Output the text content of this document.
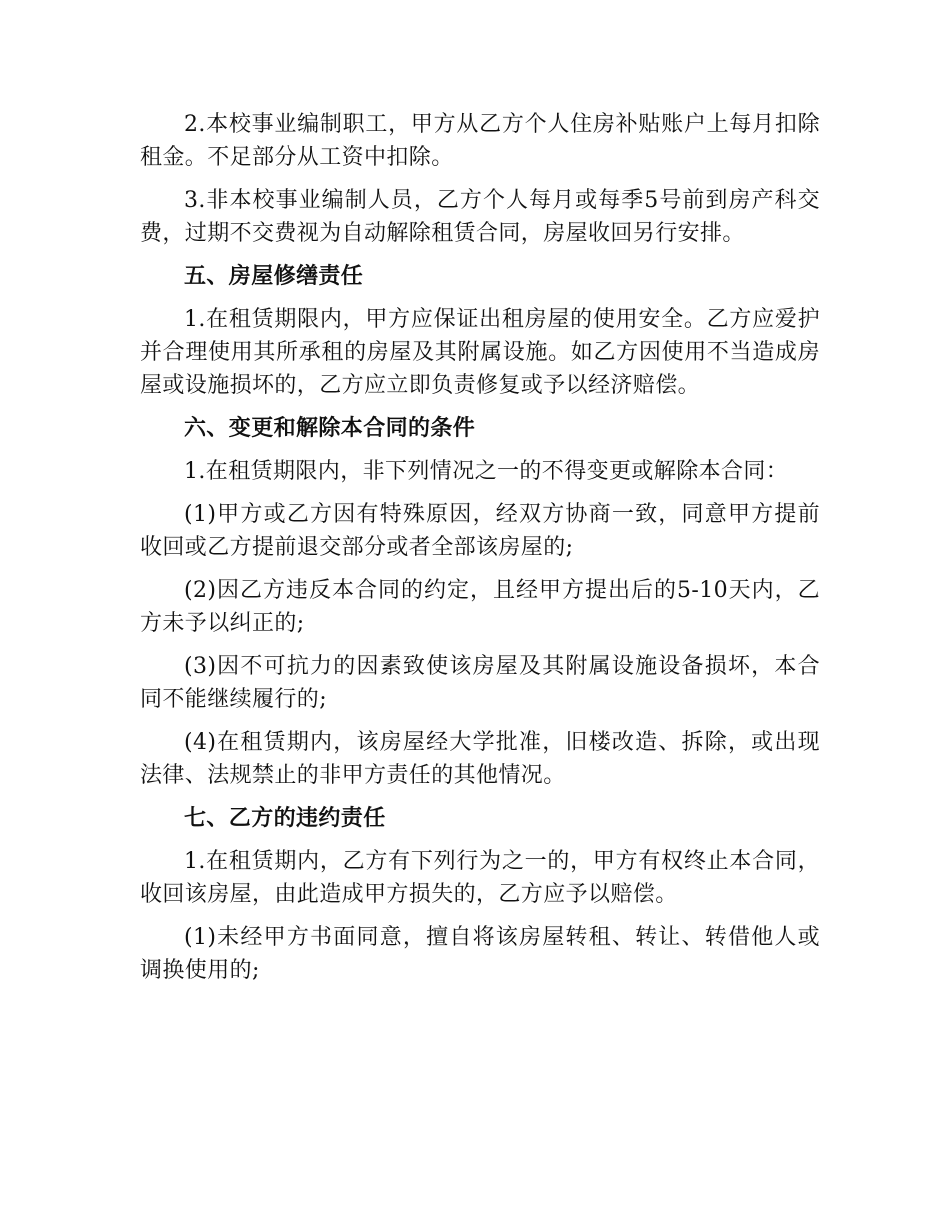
2.本校事业编制职工，甲方从乙方个人住房补贴账户上每月扣除租金。不足部分从工资中扣除。

3.非本校事业编制人员，乙方个人每月或每季5号前到房产科交费，过期不交费视为自动解除租赁合同，房屋收回另行安排。

五、房屋修缮责任

1.在租赁期限内，甲方应保证出租房屋的使用安全。乙方应爱护并合理使用其所承租的房屋及其附属设施。如乙方因使用不当造成房屋或设施损坏的，乙方应立即负责修复或予以经济赔偿。

六、变更和解除本合同的条件

1.在租赁期限内，非下列情况之一的不得变更或解除本合同：

(1)甲方或乙方因有特殊原因，经双方协商一致，同意甲方提前收回或乙方提前退交部分或者全部该房屋的;

(2)因乙方违反本合同的约定，且经甲方提出后的5-10天内，乙方未予以纠正的;

(3)因不可抗力的因素致使该房屋及其附属设施设备损坏，本合同不能继续履行的;

(4)在租赁期内，该房屋经大学批准，旧楼改造、拆除，或出现法律、法规禁止的非甲方责任的其他情况。

七、乙方的违约责任

1.在租赁期内，乙方有下列行为之一的，甲方有权终止本合同，收回该房屋，由此造成甲方损失的，乙方应予以赔偿。

(1)未经甲方书面同意，擅自将该房屋转租、转让、转借他人或调换使用的;
